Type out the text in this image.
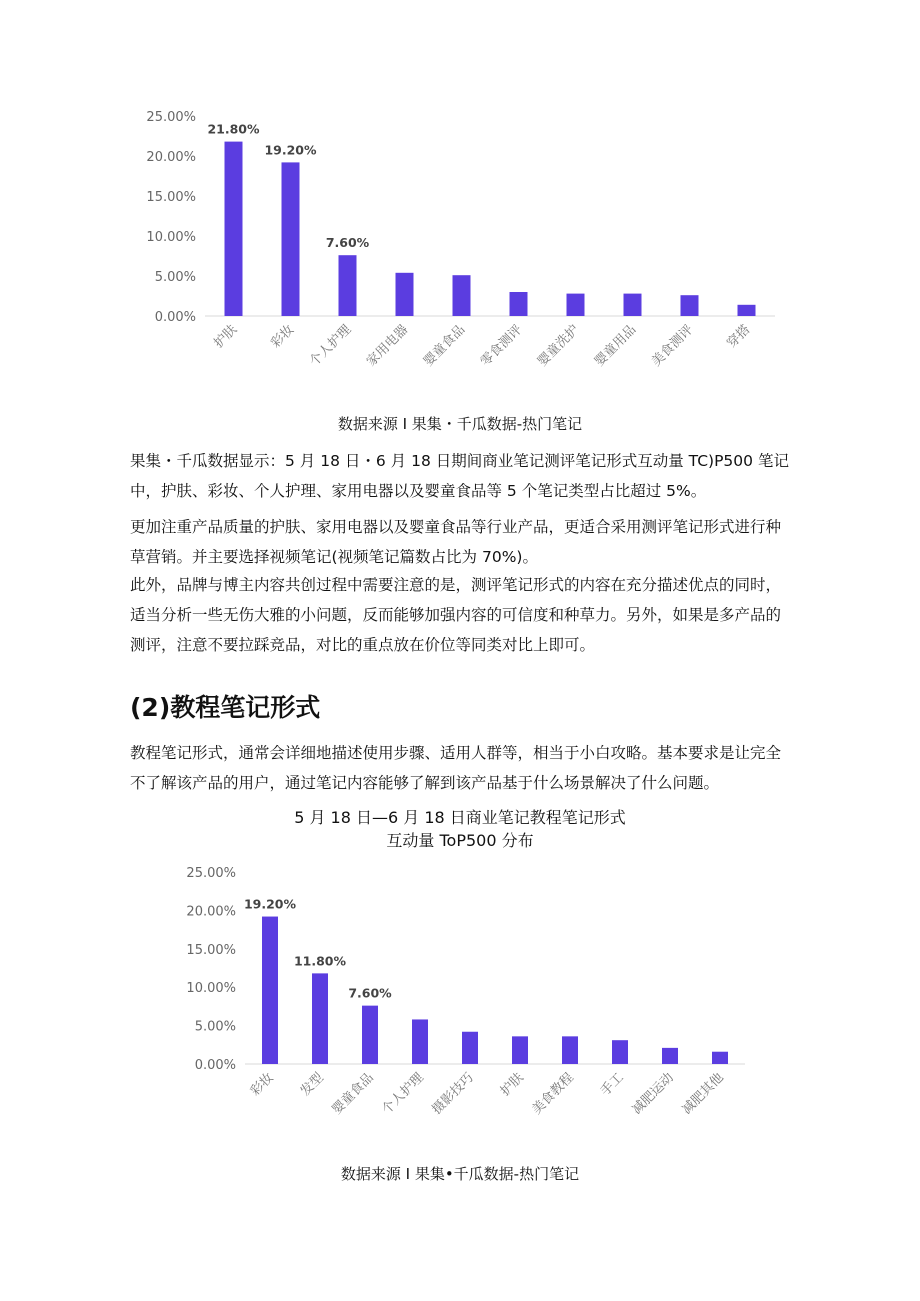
0.00%
5.00%
10.00%
15.00%
20.00%
25.00%
21.80%
护肤
19.20%
彩妆
7.60%
个人护理 家用电器 婴童食品 零食测评 婴童洗护 婴童用品 美食测评 穿搭
数据来源 I 果集・千瓜数据-热门笔记

果集・千瓜数据显示：5 月 18 日・6 月 18 日期间商业笔记测评笔记形式互动量 TC)P500 笔记中，护肤、彩妆、个人护理、家用电器以及婴童食品等 5 个笔记类型占比超过 5%。

更加注重产品质量的护肤、家用电器以及婴童食品等行业产品，更适合采用测评笔记形式进行种草营销。并主要选择视频笔记(视频笔记篇数占比为 70%)。

此外，品牌与博主内容共创过程中需要注意的是，测评笔记形式的内容在充分描述优点的同时，适当分析一些无伤大雅的小问题，反而能够加强内容的可信度和种草力。另外，如果是多产品的测评，注意不要拉踩竞品，对比的重点放在价位等同类对比上即可。

(2)教程笔记形式

教程笔记形式，通常会详细地描述使用步骤、适用人群等，相当于小白攻略。基本要求是让完全不了解该产品的用户，通过笔记内容能够了解到该产品基于什么场景解决了什么问题。

5 月 18 日—6 月 18 日商业笔记教程笔记形式
互动量 ToP500 分布
0.00%
5.00%
10.00%
15.00%
20.00%
25.00%
19.20%
彩妆
11.80%
发型
7.60%
婴童食品 个人护理 摄影技巧 护肤 美食教程 手工 减肥运动 减肥其他
数据来源 I 果集•千瓜数据-热门笔记
